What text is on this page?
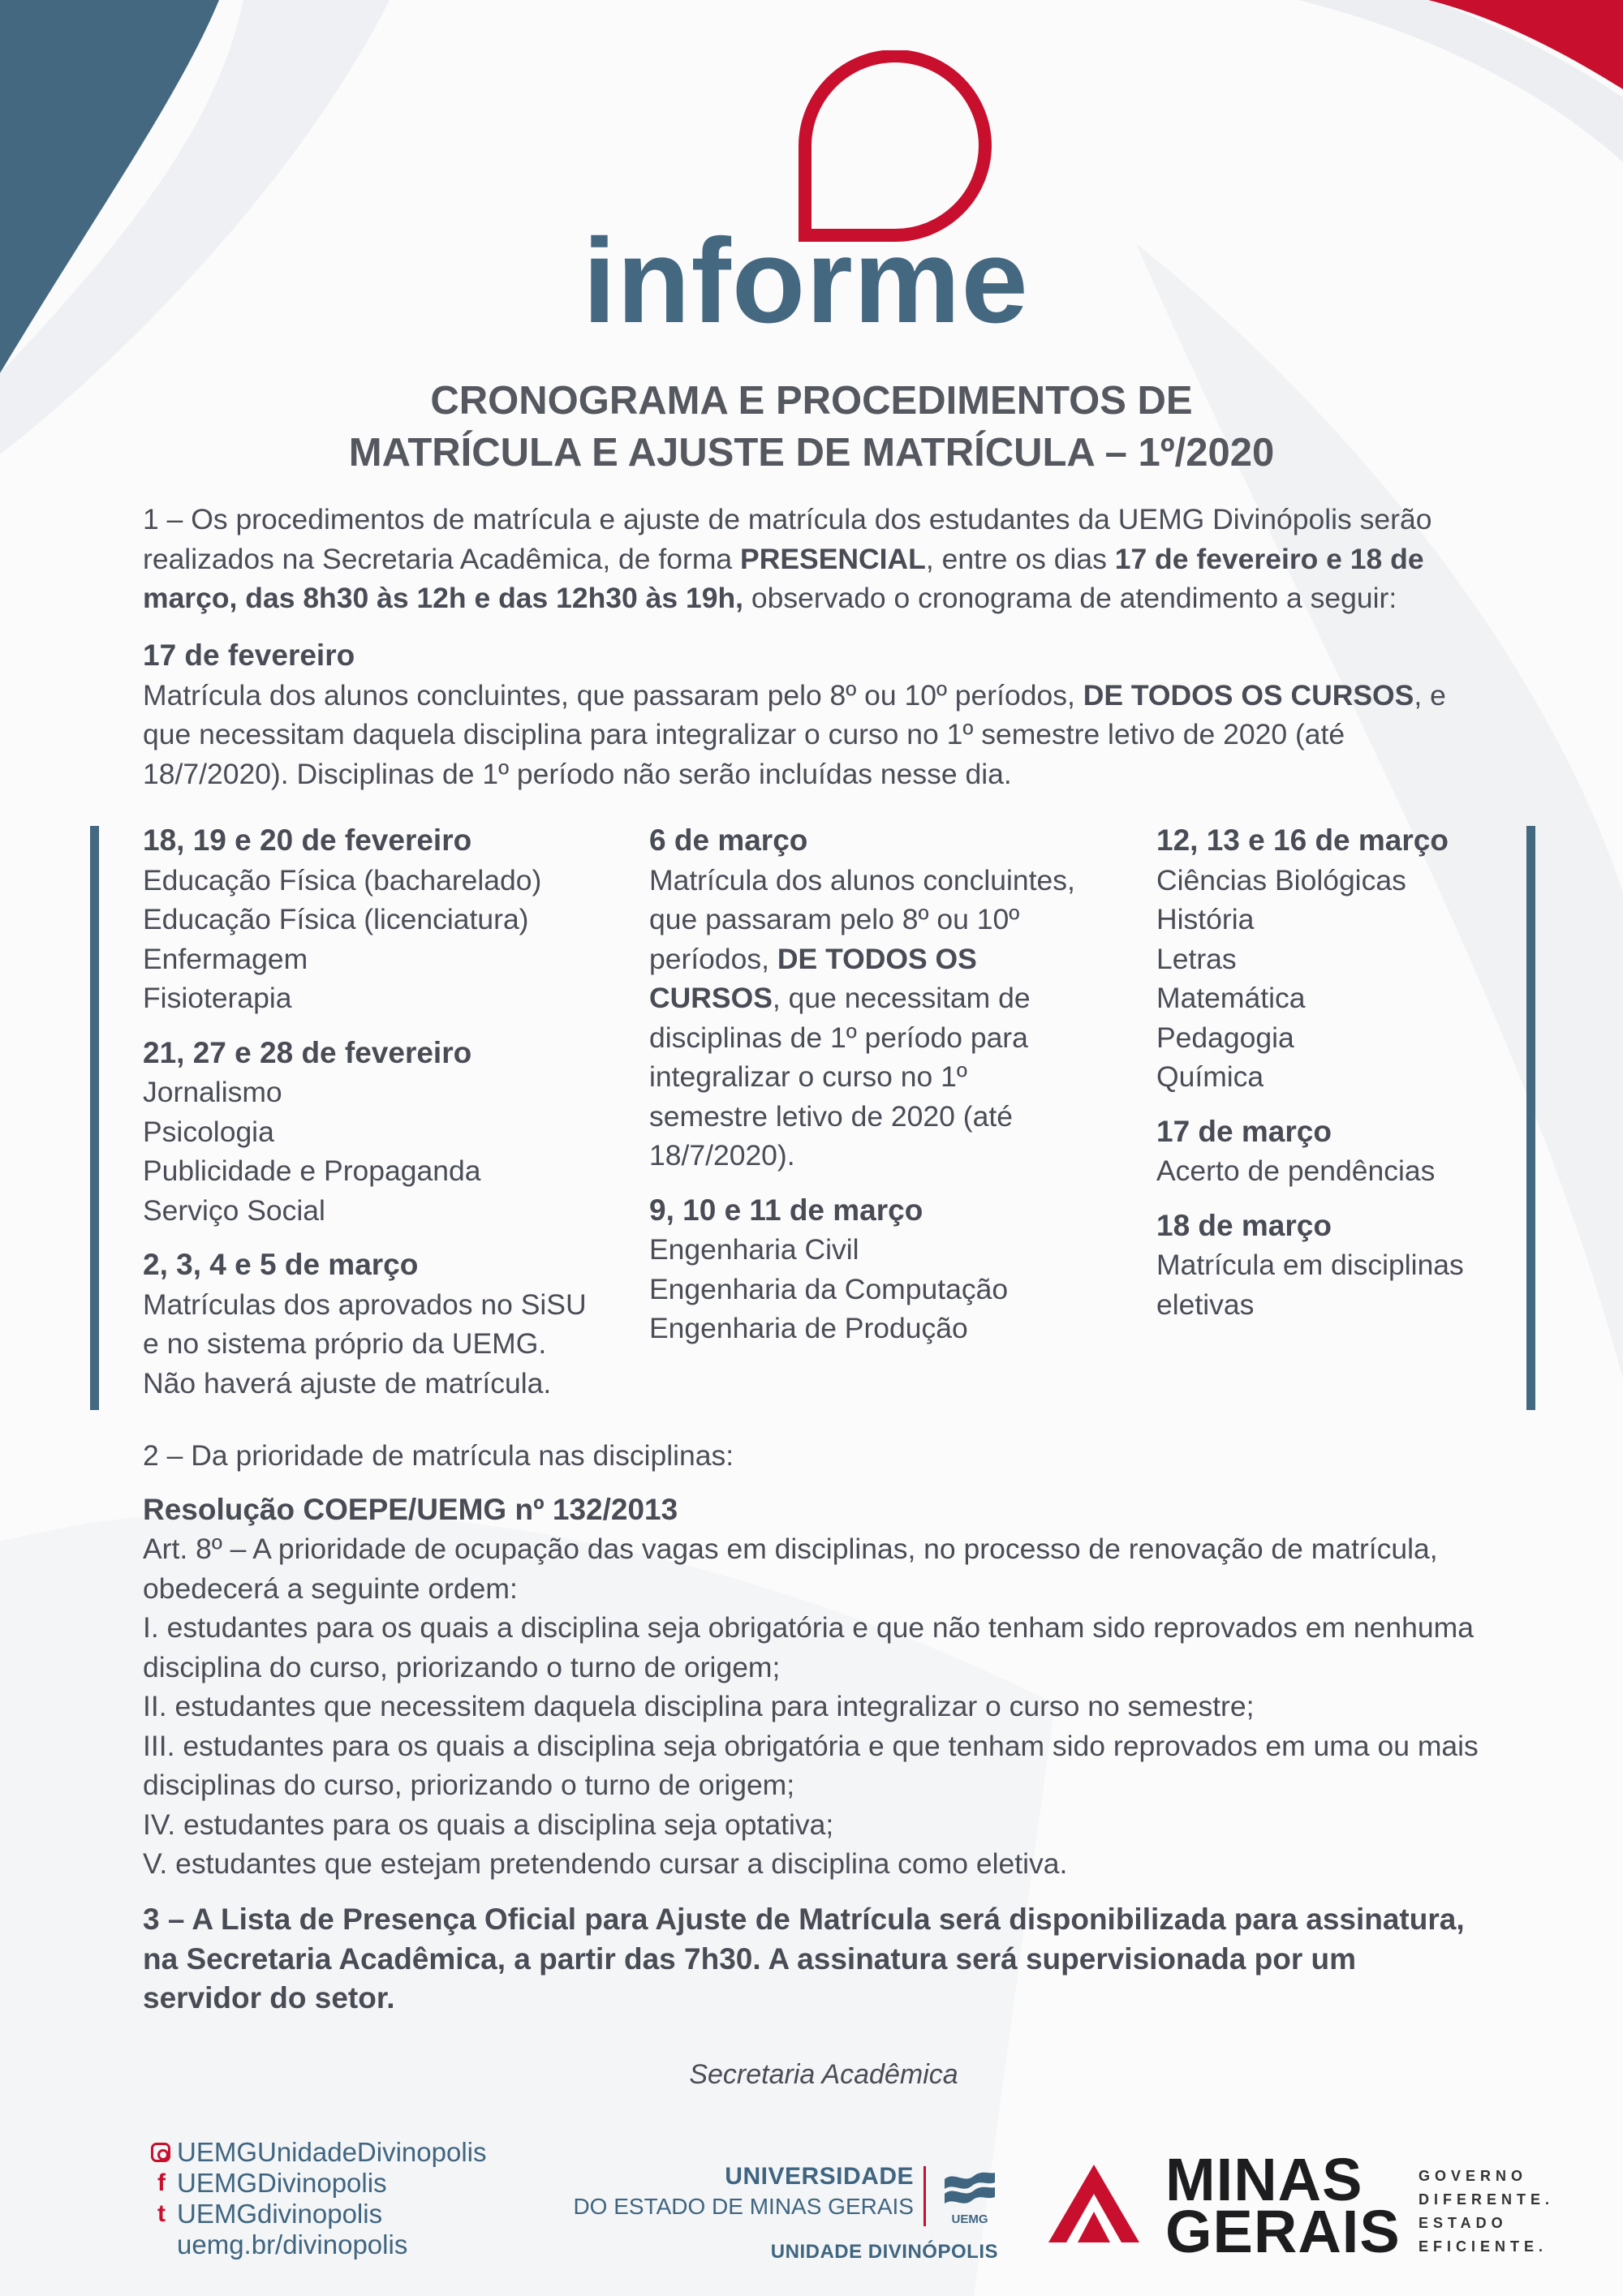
informe
CRONOGRAMA E PROCEDIMENTOS DE
MATRÍCULA E AJUSTE DE MATRÍCULA – 1º/2020
1 – Os procedimentos de matrícula e ajuste de matrícula dos estudantes da UEMG Divinópolis serão realizados na Secretaria Acadêmica, de forma PRESENCIAL, entre os dias 17 de fevereiro e 18 de março, das 8h30 às 12h e das 12h30 às 19h, observado o cronograma de atendimento a seguir:
17 de fevereiro
Matrícula dos alunos concluintes, que passaram pelo 8º ou 10º períodos, DE TODOS OS CURSOS, e que necessitam daquela disciplina para integralizar o curso no 1º semestre letivo de 2020 (até 18/7/2020). Disciplinas de 1º período não serão incluídas nesse dia.
18, 19 e 20 de fevereiro
Educação Física (bacharelado)
Educação Física (licenciatura)
Enfermagem
Fisioterapia
21, 27 e 28 de fevereiro
Jornalismo
Psicologia
Publicidade e Propaganda
Serviço Social
2, 3, 4 e 5 de março
Matrículas dos aprovados no SiSU
e no sistema próprio da UEMG.
Não haverá ajuste de matrícula.
6 de março
Matrícula dos alunos concluintes,
que passaram pelo 8º ou 10º
períodos, DE TODOS OS
CURSOS, que necessitam de
disciplinas de 1º período para
integralizar o curso no 1º
semestre letivo de 2020 (até
18/7/2020).
9, 10 e 11 de março
Engenharia Civil
Engenharia da Computação
Engenharia de Produção
12, 13 e 16 de março
Ciências Biológicas
História
Letras
Matemática
Pedagogia
Química
17 de março
Acerto de pendências
18 de março
Matrícula em disciplinas
eletivas
2 – Da prioridade de matrícula nas disciplinas:
Resolução COEPE/UEMG nº 132/2013
Art. 8º – A prioridade de ocupação das vagas em disciplinas, no processo de renovação de matrícula,
obedecerá a seguinte ordem:
I. estudantes para os quais a disciplina seja obrigatória e que não tenham sido reprovados em nenhuma
disciplina do curso, priorizando o turno de origem;
II. estudantes que necessitem daquela disciplina para integralizar o curso no semestre;
III. estudantes para os quais a disciplina seja obrigatória e que tenham sido reprovados em uma ou mais
disciplinas do curso, priorizando o turno de origem;
IV. estudantes para os quais a disciplina seja optativa;
V. estudantes que estejam pretendendo cursar a disciplina como eletiva.
3 – A Lista de Presença Oficial para Ajuste de Matrícula será disponibilizada para assinatura,
na Secretaria Acadêmica, a partir das 7h30. A assinatura será supervisionada por um
servidor do setor.
Secretaria Acadêmica
UEMGUnidadeDivinopolis
f UEMGDivinopolis
t UEMGdivinopolis
uemg.br/divinopolis
UNIVERSIDADE
DO ESTADO DE MINAS GERAIS
UEMG
UNIDADE DIVINÓPOLIS
MINAS
GERAIS
GOVERNO
DIFERENTE.
ESTADO
EFICIENTE.
